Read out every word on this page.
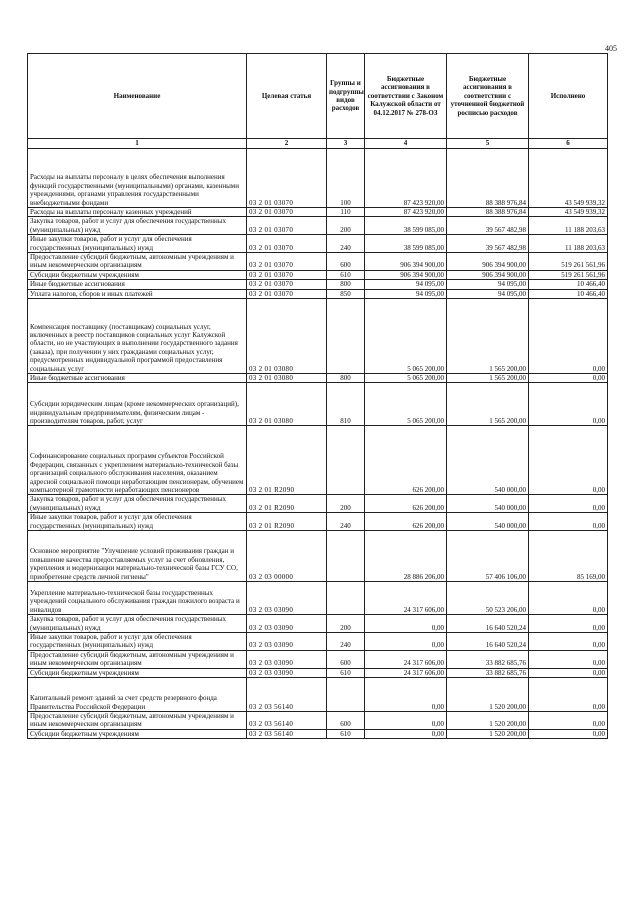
405
Наименование	Целевая статья	Группы и подгруппы видов расходов	Бюджетные ассигнования в соответствии с Законом Калужской области от 04.12.2017 № 278-ОЗ	Бюджетные ассигнования в соответствии с уточненной бюджетной росписью расходов	Исполнено
1	2	3	4	5	6
Расходы на выплаты персоналу в целях обеспечения выполнения функций государственными (муниципальными) органами, казенными учреждениями, органами управления государственными внебюджетными фондами	03 2 01 03070	100	87 423 920,00	88 388 976,84	43 549 939,32
Расходы на выплаты персоналу казенных учреждений	03 2 01 03070	110	87 423 920,00	88 388 976,84	43 549 939,32
Закупка товаров, работ и услуг для обеспечения государственных (муниципальных) нужд	03 2 01 03070	200	38 599 085,00	39 567 482,98	11 188 203,63
Иные закупки товаров, работ и услуг для обеспечения государственных (муниципальных) нужд	03 2 01 03070	240	38 599 085,00	39 567 482,98	11 188 203,63
Предоставление субсидий бюджетным, автономным учреждениям и иным некоммерческим организациям	03 2 01 03070	600	906 394 900,00	906 394 900,00	519 261 561,96
Субсидии бюджетным учреждениям	03 2 01 03070	610	906 394 900,00	906 394 900,00	519 261 561,96
Иные бюджетные ассигнования	03 2 01 03070	800	94 095,00	94 095,00	10 466,40
Уплата налогов, сборов и иных платежей	03 2 01 03070	850	94 095,00	94 095,00	10 466,40
Компенсация поставщику (поставщикам) социальных услуг, включенных в реестр поставщиков социальных услуг Калужской области, но не участвующих в выполнении государственного задания (заказа), при получении у них гражданами социальных услуг, предусмотренных индивидуальной программой предоставления социальных услуг	03 2 01 03080		5 065 200,00	1 565 200,00	0,00
Иные бюджетные ассигнования	03 2 01 03080	800	5 065 200,00	1 565 200,00	0,00
Субсидии юридическим лицам (кроме некоммерческих организаций), индивидуальным предпринимателям, физическим лицам - производителям товаров, работ, услуг	03 2 01 03080	810	5 065 200,00	1 565 200,00	0,00
Софинансирование социальных программ субъектов Российской Федерации, связанных с укреплением материально-технической базы организаций социального обслуживания населения, оказанием адресной социальной помощи неработающим пенсионерам, обучением компьютерной грамотности неработающих пенсионеров	03 2 01 R2090		626 200,00	540 000,00	0,00
Закупка товаров, работ и услуг для обеспечения государственных (муниципальных) нужд	03 2 01 R2090	200	626 200,00	540 000,00	0,00
Иные закупки товаров, работ и услуг для обеспечения государственных (муниципальных) нужд	03 2 01 R2090	240	626 200,00	540 000,00	0,00
Основное мероприятие "Улучшение условий проживания граждан и повышение качества предоставляемых услуг за счет обновления, укрепления и модернизации материально-технической базы ГСУ СО, приобретение средств личной гигиены"	03 2 03 00000		28 886 206,00	57 406 106,00	85 169,00
Укрепление материально-технической базы государственных учреждений социального обслуживания граждан пожилого возраста и инвалидов	03 2 03 03090		24 317 606,00	50 523 206,00	0,00
Закупка товаров, работ и услуг для обеспечения государственных (муниципальных) нужд	03 2 03 03090	200	0,00	16 640 520,24	0,00
Иные закупки товаров, работ и услуг для обеспечения государственных (муниципальных) нужд	03 2 03 03090	240	0,00	16 640 520,24	0,00
Предоставление субсидий бюджетным, автономным учреждениям и иным некоммерческим организациям	03 2 03 03090	600	24 317 606,00	33 882 685,76	0,00
Субсидии бюджетным учреждениям	03 2 03 03090	610	24 317 606,00	33 882 685,76	0,00
Капитальный ремонт зданий за счет средств резервного фонда Правительства Российской Федерации	03 2 03 56140		0,00	1 520 200,00	0,00
Предоставление субсидий бюджетным, автономным учреждениям и иным некоммерческим организациям	03 2 03 56140	600	0,00	1 520 200,00	0,00
Субсидии бюджетным учреждениям	03 2 03 56140	610	0,00	1 520 200,00	0,00
